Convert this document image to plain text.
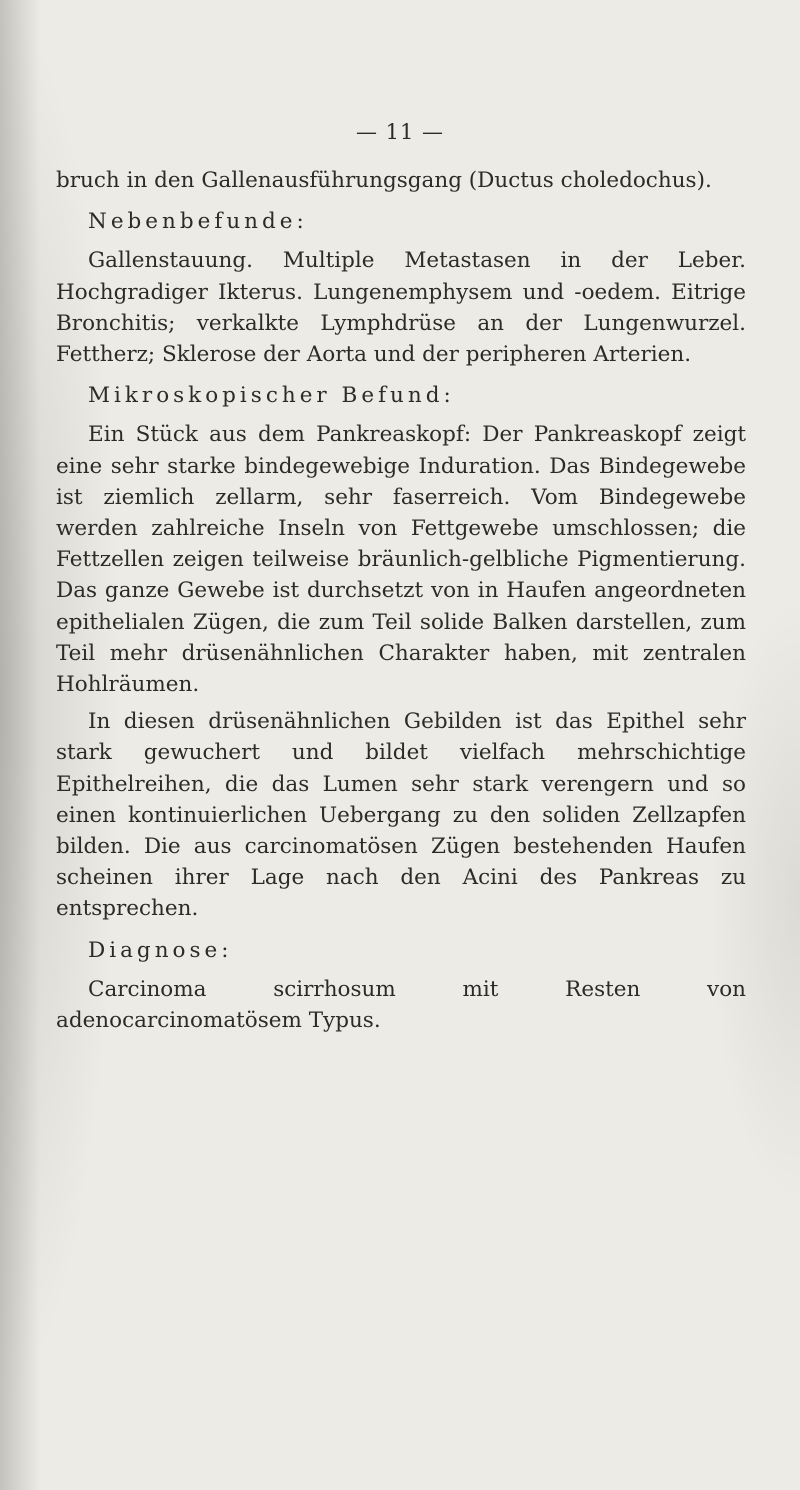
— 11 —

bruch in den Gallenausführungsgang (Ductus choledochus).

Nebenbefunde:

Gallenstauung. Multiple Metastasen in der Leber. Hochgradiger Ikterus. Lungenemphysem und -oedem. Eitrige Bronchitis; verkalkte Lymphdrüse an der Lungenwurzel. Fettherz; Sklerose der Aorta und der peripheren Arterien.

Mikroskopischer Befund:

Ein Stück aus dem Pankreaskopf: Der Pankreaskopf zeigt eine sehr starke bindegewebige Induration. Das Bindegewebe ist ziemlich zellarm, sehr faserreich. Vom Bindegewebe werden zahlreiche Inseln von Fettgewebe umschlossen; die Fettzellen zeigen teilweise bräunlich-gelbliche Pigmentierung. Das ganze Gewebe ist durchsetzt von in Haufen angeordneten epithelialen Zügen, die zum Teil solide Balken darstellen, zum Teil mehr drüsenähnlichen Charakter haben, mit zentralen Hohlräumen.

In diesen drüsenähnlichen Gebilden ist das Epithel sehr stark gewuchert und bildet vielfach mehrschichtige Epithelreihen, die das Lumen sehr stark verengern und so einen kontinuierlichen Uebergang zu den soliden Zellzapfen bilden. Die aus carcinomatösen Zügen bestehenden Haufen scheinen ihrer Lage nach den Acini des Pankreas zu entsprechen.

Diagnose:

Carcinoma scirrhosum mit Resten von adenocarcinomatösem Typus.
